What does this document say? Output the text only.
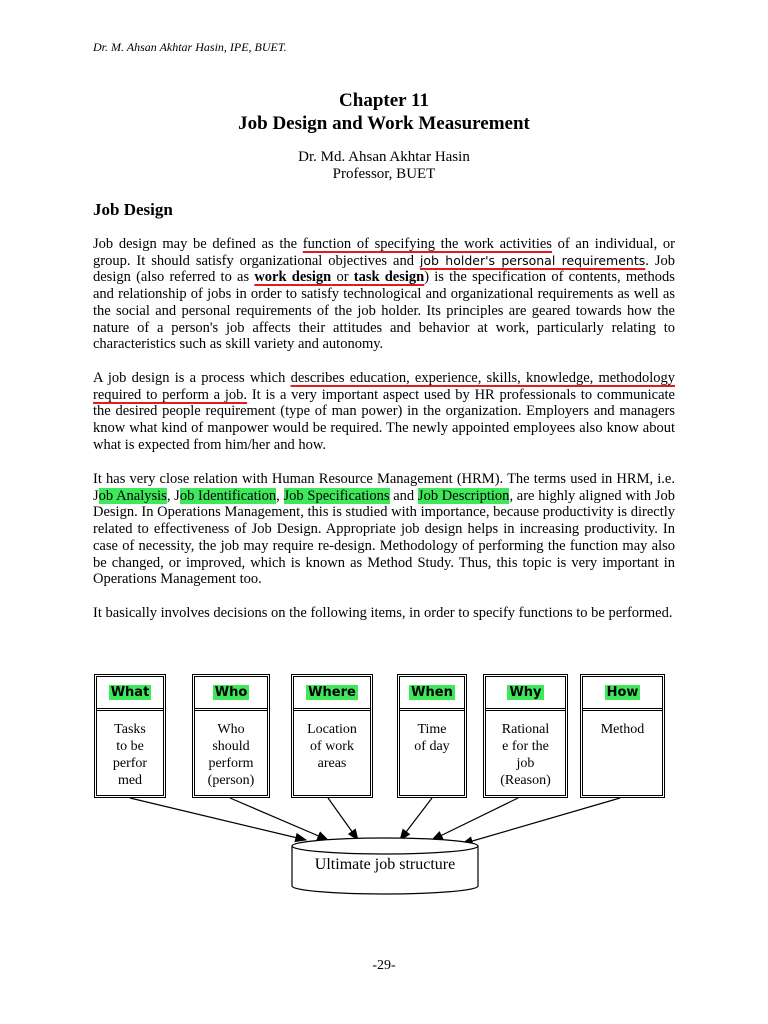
Dr. M. Ahsan Akhtar Hasin, IPE, BUET.
Chapter 11
Job Design and Work Measurement
Dr. Md. Ahsan Akhtar Hasin
Professor, BUET
Job Design

Job design may be defined as the function of specifying the work activities of an individual, or group. It should satisfy organizational objectives and job holder's personal requirements. Job design (also referred to as work design or task design) is the specification of contents, methods and relationship of jobs in order to satisfy technological and organizational requirements as well as the social and personal requirements of the job holder. Its principles are geared towards how the nature of a person's job affects their attitudes and behavior at work, particularly relating to characteristics such as skill variety and autonomy.

A job design is a process which describes education, experience, skills, knowledge, methodology required to perform a job. It is a very important aspect used by HR professionals to communicate the desired people requirement (type of man power) in the organization. Employers and managers know what kind of manpower would be required. The newly appointed employees also know about what is expected from him/her and how.

It has very close relation with Human Resource Management (HRM). The terms used in HRM, i.e. Job Analysis, Job Identification, Job Specifications and Job Description, are highly aligned with Job Design. In Operations Management, this is studied with importance, because productivity is directly related to effectiveness of Job Design. Appropriate job design helps in increasing productivity. In case of necessity, the job may require re-design. Methodology of performing the function may also be changed, or improved, which is known as Method Study. Thus, this topic is very important in Operations Management too.

It basically involves decisions on the following items, in order to specify functions to be performed.

What
Tasks
to be
perfor
med
Who
Who
should
perform
(person)
Where
Location
of work
areas
When
Time
of day
Why
Rational
e for the
job
(Reason)
How
Method
Ultimate job structure
-29-
